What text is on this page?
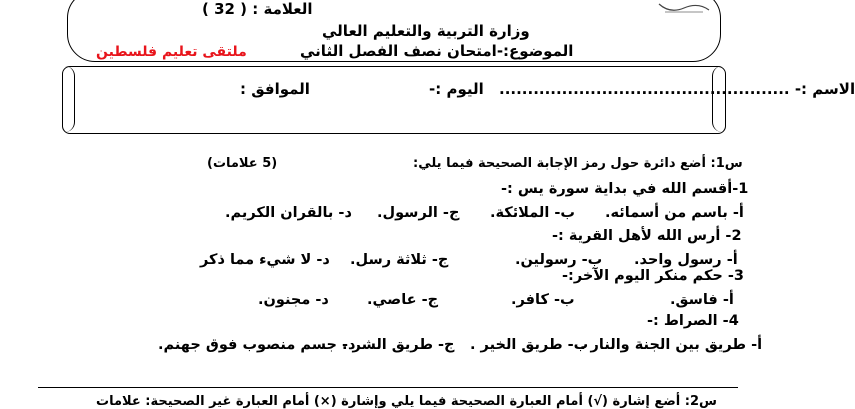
العلامة : ( 32 )
وزارة التربية والتعليم العالي
الموضوع:-امتحان نصف الفصل الثاني
ملتقى تعليم فلسطين
الاسم :- ...................................................
اليوم :-
الموافق :
س1: أضع دائرة حول رمز الإجابة الصحيحة فيما يلي:
(5 علامات)
1-أقسم الله في بداية سورة يس :-
أ- باسم من أسمائه.
ب- الملائكة.
ج- الرسول.
د- بالقران الكريم.
2- أرس الله لأهل القرية :-
أ- رسول واحد.
ب- رسولين.
ج- ثلاثة رسل.
د- لا شيء مما ذكر
3- حكم منكر اليوم الآخر:-
أ- فاسق.
ب- كافر.
ج- عاصي.
د- مجنون.
4- الصراط :-
أ- طريق بين الجنة والنار .
ب- طريق الخير .
ج- طريق الشر .
د- جسم منصوب فوق جهنم.
س2: أضع إشارة (√) أمام العبارة الصحيحة فيما يلي وإشارة (×) أمام العبارة غير الصحيحة: علامات
